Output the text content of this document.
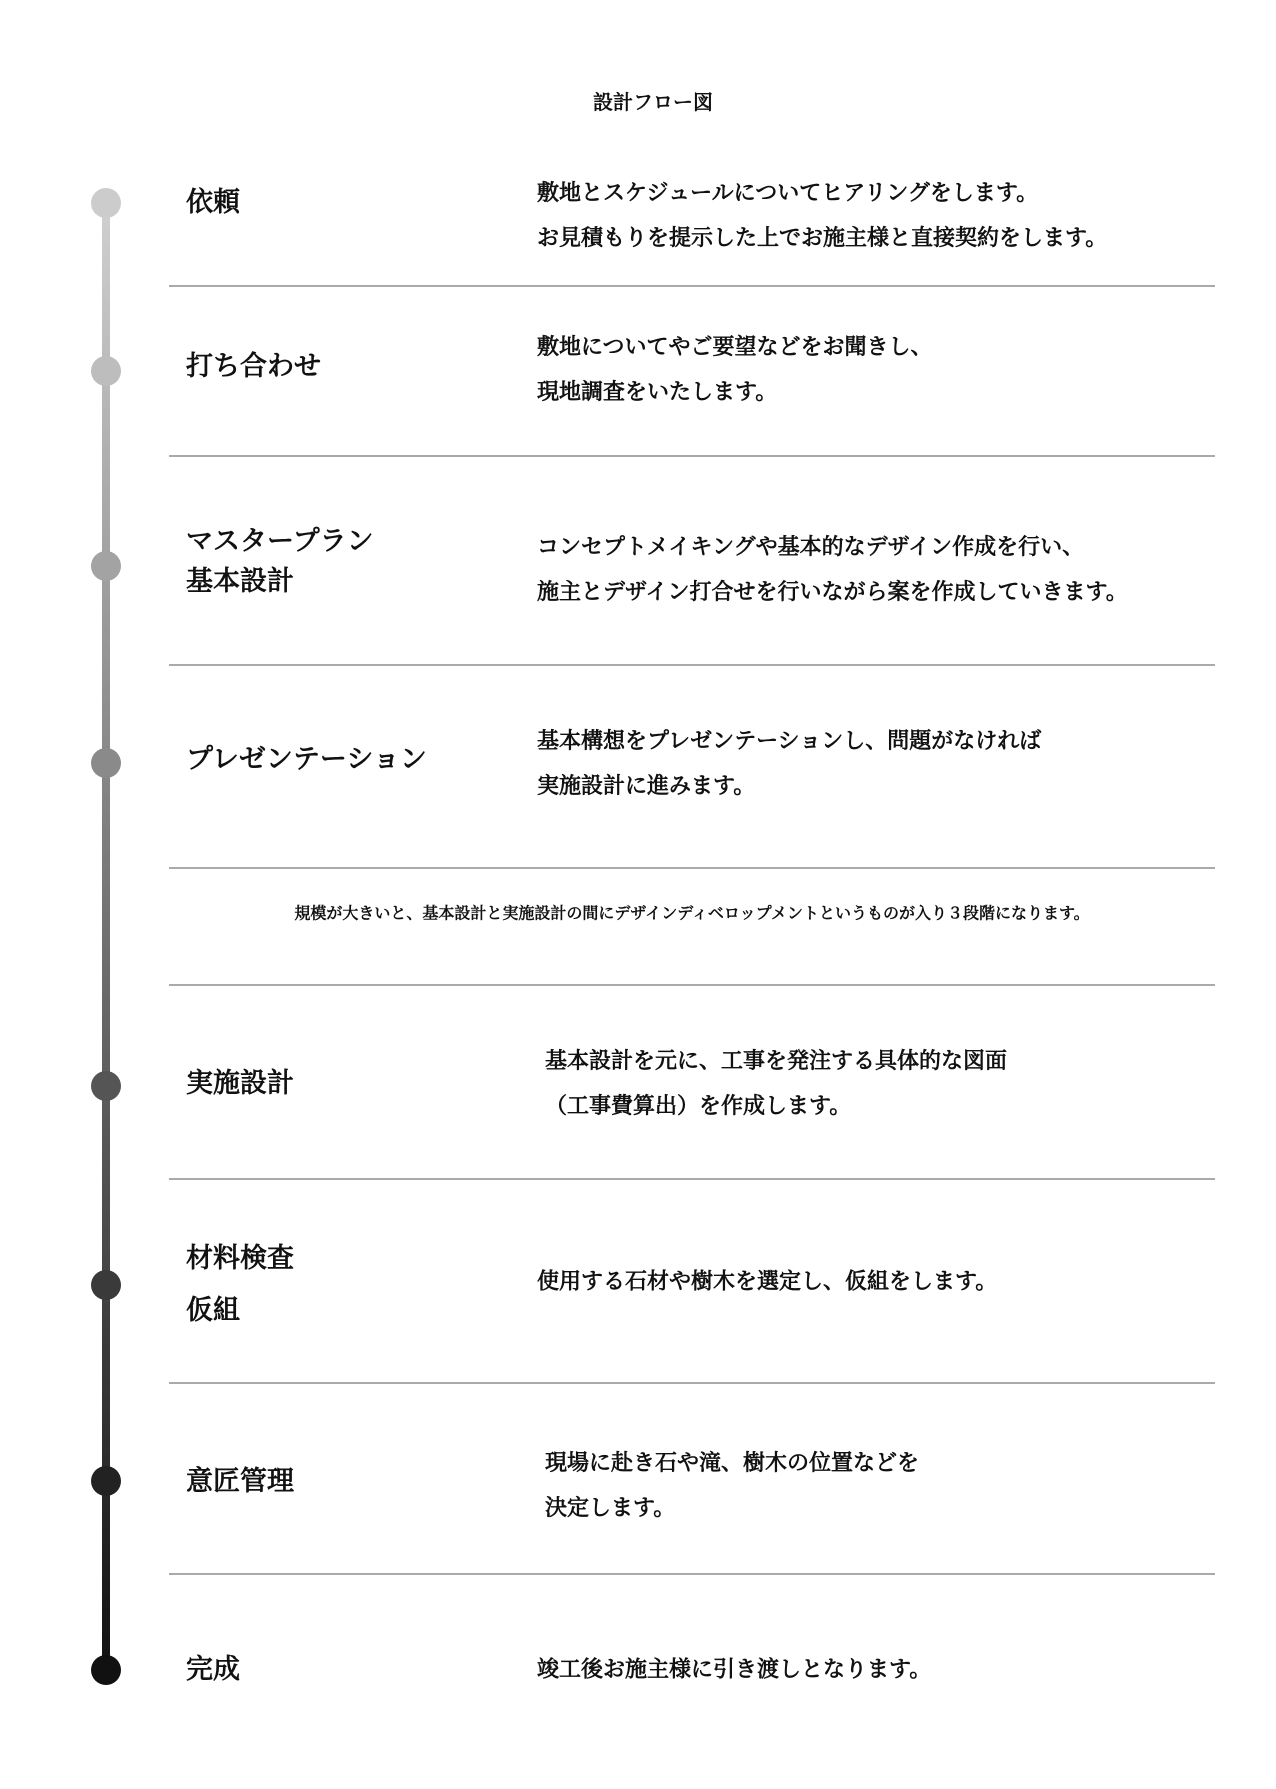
設計フロー図
規模が大きいと、基本設計と実施設計の間にデザインディベロップメントというものが入り３段階になります。
依頼	敷地とスケジュールについてヒアリングをします。
お見積もりを提示した上でお施主様と直接契約をします。
打ち合わせ
敷地についてやご要望などをお聞きし、
現地調査をいたします。
マスタープラン
基本設計
コンセプトメイキングや基本的なデザイン作成を行い、
施主とデザイン打合せを行いながら案を作成していきます。
プレゼンテーション
基本構想をプレゼンテーションし、問題がなければ
実施設計に進みます。
実施設計
基本設計を元に、工事を発注する具体的な図面
（工事費算出）を作成します。
材料検査
仮組
使用する石材や樹木を選定し、仮組をします。
意匠管理
現場に赴き石や滝、樹木の位置などを
決定します。
完成	竣工後お施主様に引き渡しとなります。
